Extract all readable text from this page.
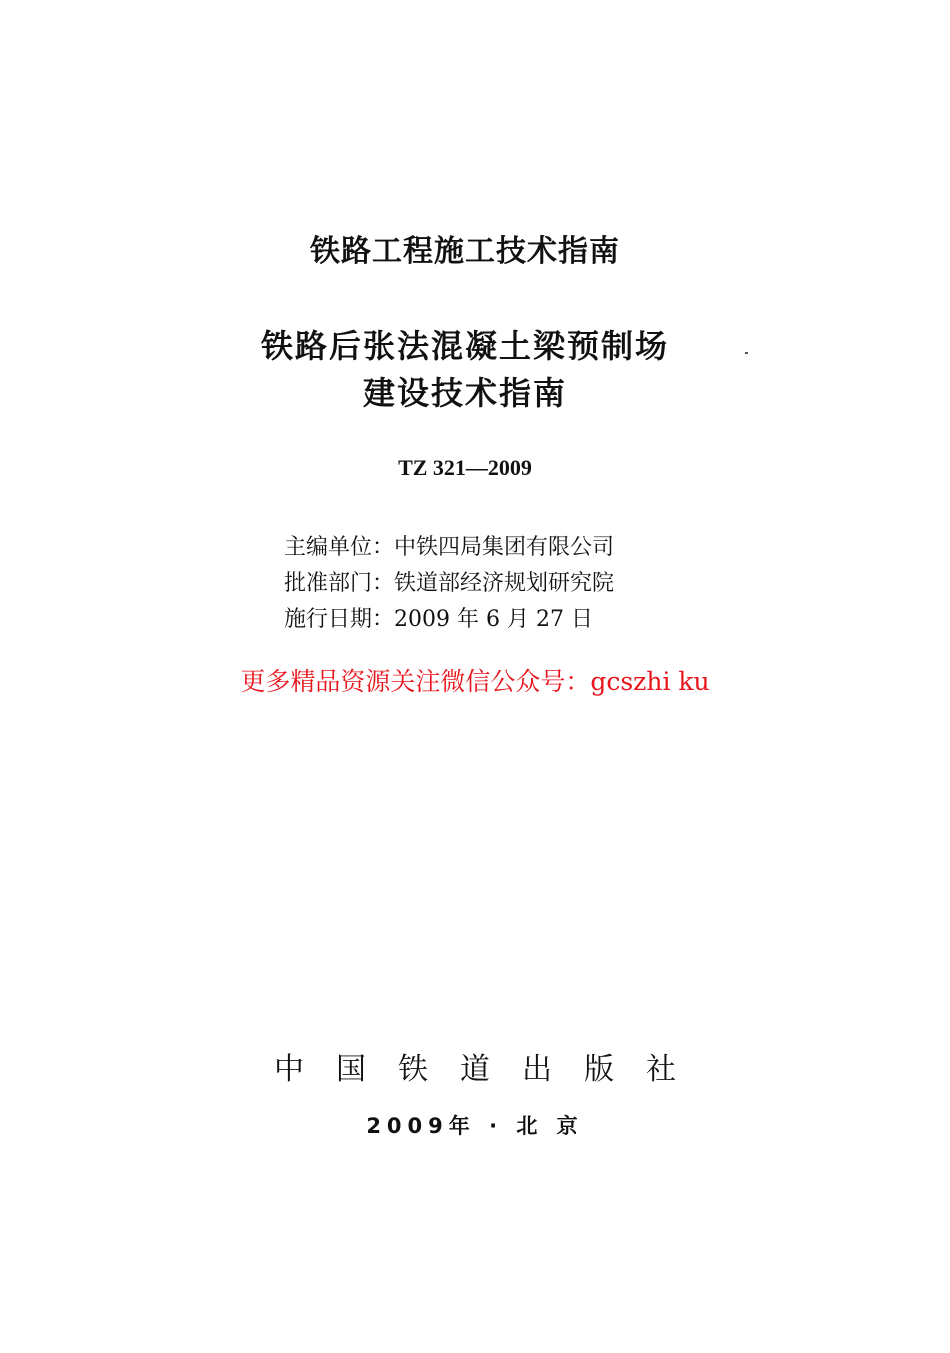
铁路工程施工技术指南
铁路后张法混凝土梁预制场
建设技术指南
TZ 321—2009
主编单位：中铁四局集团有限公司
批准部门：铁道部经济规划研究院
施行日期：2009 年 6 月 27 日
更多精品资源关注微信公众号：gcszhi ku
中国铁道出版社
2009年 · 北 京
